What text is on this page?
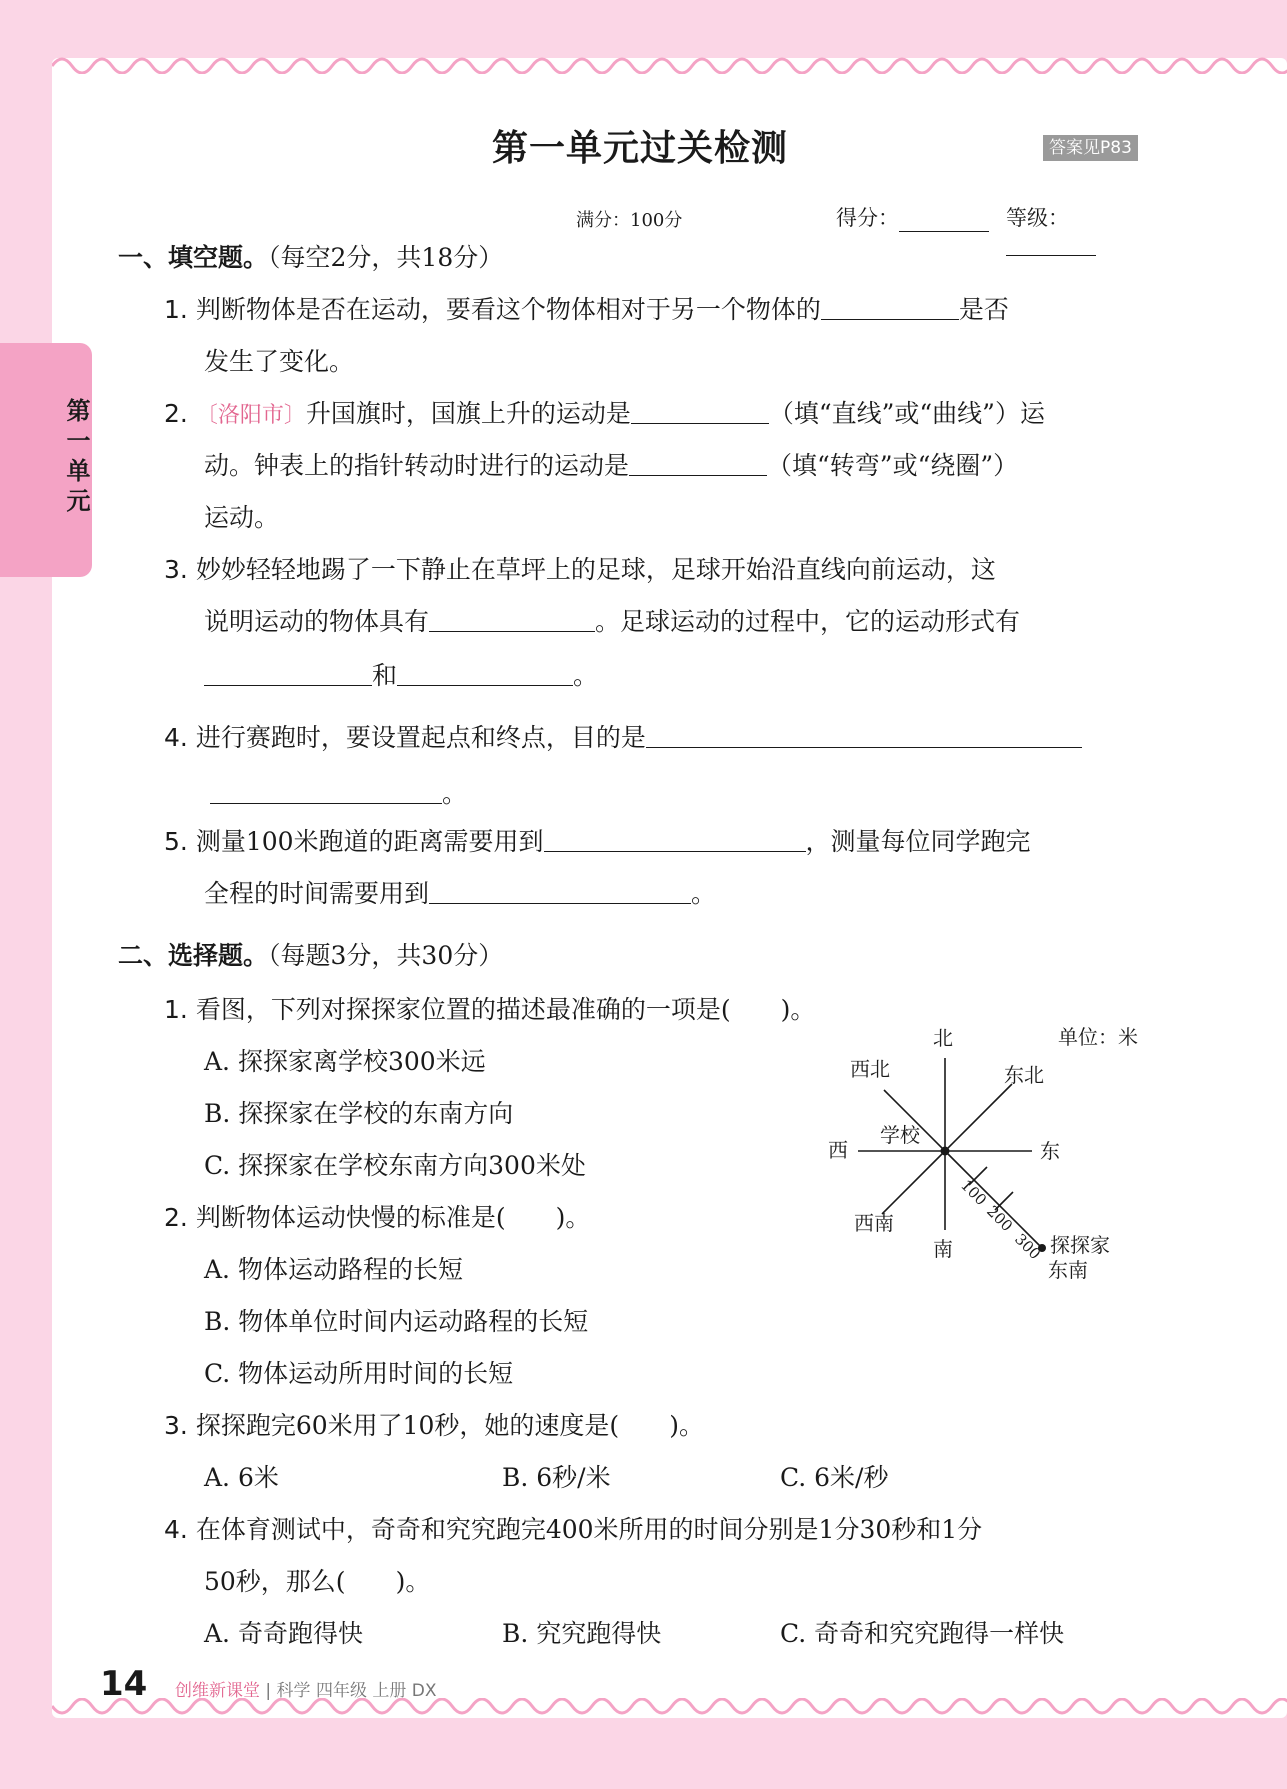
第一单元
第一单元过关检测	答案见P83
满分：100分	得分：	等级：
一、填空题。（每空2分，共18分）
1. 判断物体是否在运动，要看这个物体相对于另一个物体的	是否
发生了变化。
2. 〔洛阳市〕升国旗时，国旗上升的运动是	（填“直线”或“曲线”）运
动。钟表上的指针转动时进行的运动是	（填“转弯”或“绕圈”）
运动。
3. 妙妙轻轻地踢了一下静止在草坪上的足球，足球开始沿直线向前运动，这
说明运动的物体具有	。足球运动的过程中，它的运动形式有
和	。
4. 进行赛跑时，要设置起点和终点，目的是
。
5. 测量100米跑道的距离需要用到	，测量每位同学跑完
全程的时间需要用到	。
二、选择题。（每题3分，共30分）
1. 看图，下列对探探家位置的描述最准确的一项是(　　)。
A. 探探家离学校300米远
B. 探探家在学校的东南方向
C. 探探家在学校东南方向300米处
单位：米
北
南
东
西
西北	东北
西南
东南
学校
探探家
100
200
300
2. 判断物体运动快慢的标准是(　　)。
A. 物体运动路程的长短
B. 物体单位时间内运动路程的长短
C. 物体运动所用时间的长短
3. 探探跑完60米用了10秒，她的速度是(　　)。
A. 6米	B. 6秒/米	C. 6米/秒
4. 在体育测试中，奇奇和究究跑完400米所用的时间分别是1分30秒和1分
50秒，那么(　　)。
A. 奇奇跑得快	B. 究究跑得快	C. 奇奇和究究跑得一样快
14 创维新课堂 | 科学 四年级 上册 DX
